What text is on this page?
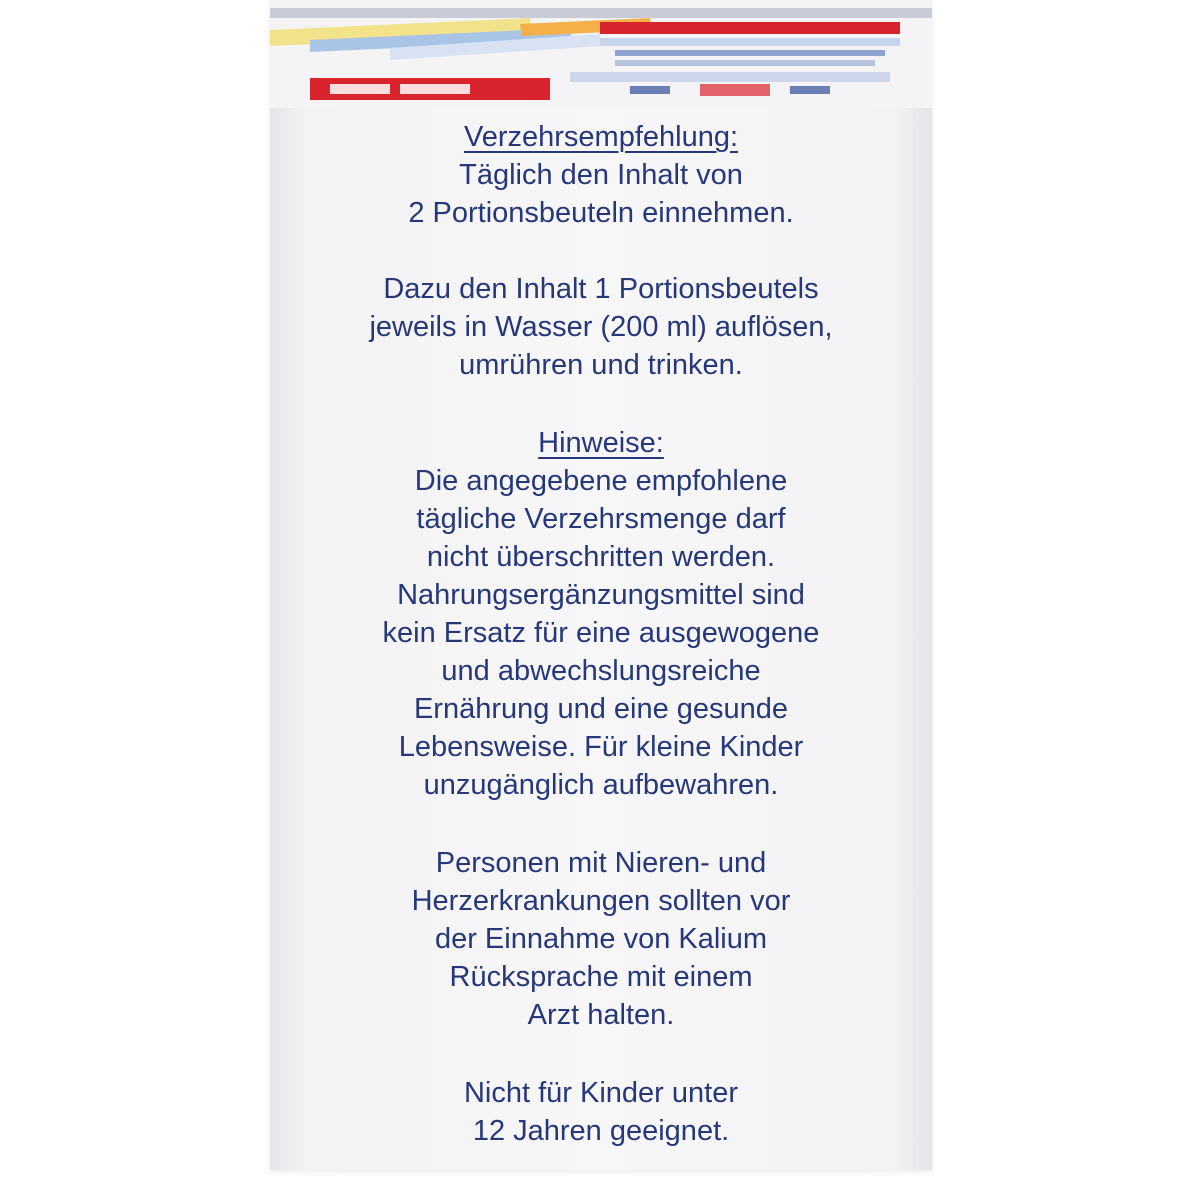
Verzehrsempfehlung:
Täglich den Inhalt von
2 Portionsbeuteln einnehmen.
Dazu den Inhalt 1 Portionsbeutels
jeweils in Wasser (200 ml) auflösen,
umrühren und trinken.
Hinweise:
Die angegebene empfohlene
tägliche Verzehrsmenge darf
nicht überschritten werden.
Nahrungsergänzungsmittel sind
kein Ersatz für eine ausgewogene
und abwechslungsreiche
Ernährung und eine gesunde
Lebensweise. Für kleine Kinder
unzugänglich aufbewahren.
Personen mit Nieren- und
Herzerkrankungen sollten vor
der Einnahme von Kalium
Rücksprache mit einem
Arzt halten.
Nicht für Kinder unter
12 Jahren geeignet.
